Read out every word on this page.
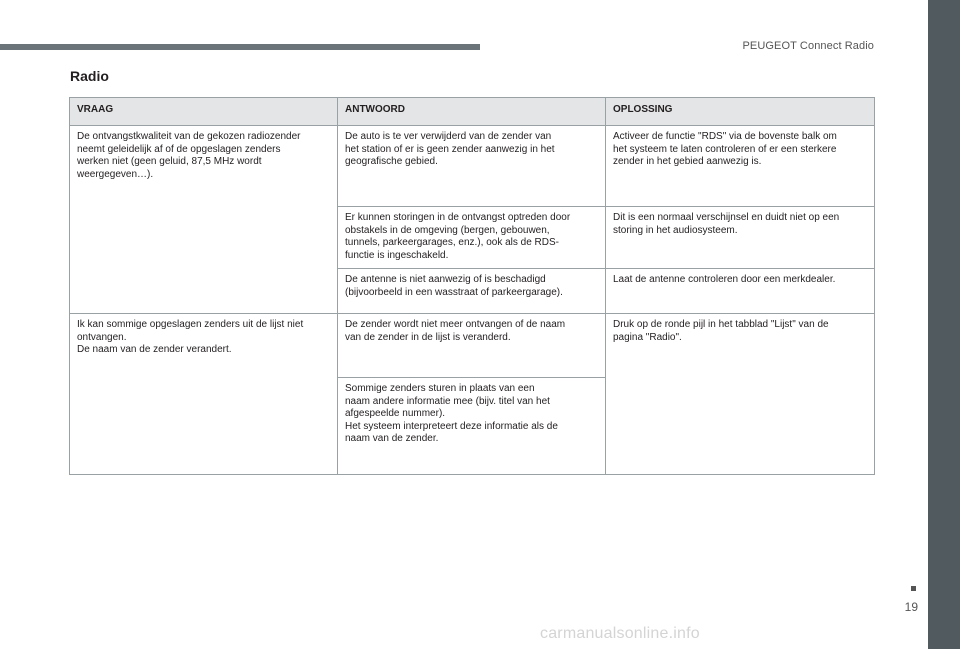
PEUGEOT Connect Radio
Radio
VRAAG	ANTWOORD	OPLOSSING
De ontvangstkwaliteit van de gekozen radiozender
neemt geleidelijk af of de opgeslagen zenders
werken niet (geen geluid, 87,5 MHz wordt
weergegeven…).	De auto is te ver verwijderd van de zender van
het station of er is geen zender aanwezig in het
geografische gebied.	Activeer de functie "RDS" via de bovenste balk om
het systeem te laten controleren of er een sterkere
zender in het gebied aanwezig is.
	Er kunnen storingen in de ontvangst optreden door
obstakels in de omgeving (bergen, gebouwen,
tunnels, parkeergarages, enz.), ook als de RDS-
functie is ingeschakeld.	Dit is een normaal verschijnsel en duidt niet op een
storing in het audiosysteem.
	De antenne is niet aanwezig of is beschadigd
(bijvoorbeeld in een wasstraat of parkeergarage).	Laat de antenne controleren door een merkdealer.
Ik kan sommige opgeslagen zenders uit de lijst niet
ontvangen.
De naam van de zender verandert.	De zender wordt niet meer ontvangen of de naam
van de zender in de lijst is veranderd.	Druk op de ronde pijl in het tabblad "Lijst" van de
pagina "Radio".
	Sommige zenders sturen in plaats van een
naam andere informatie mee (bijv. titel van het
afgespeelde nummer).
Het systeem interpreteert deze informatie als de
naam van de zender.	
19
carmanualsonline.info
